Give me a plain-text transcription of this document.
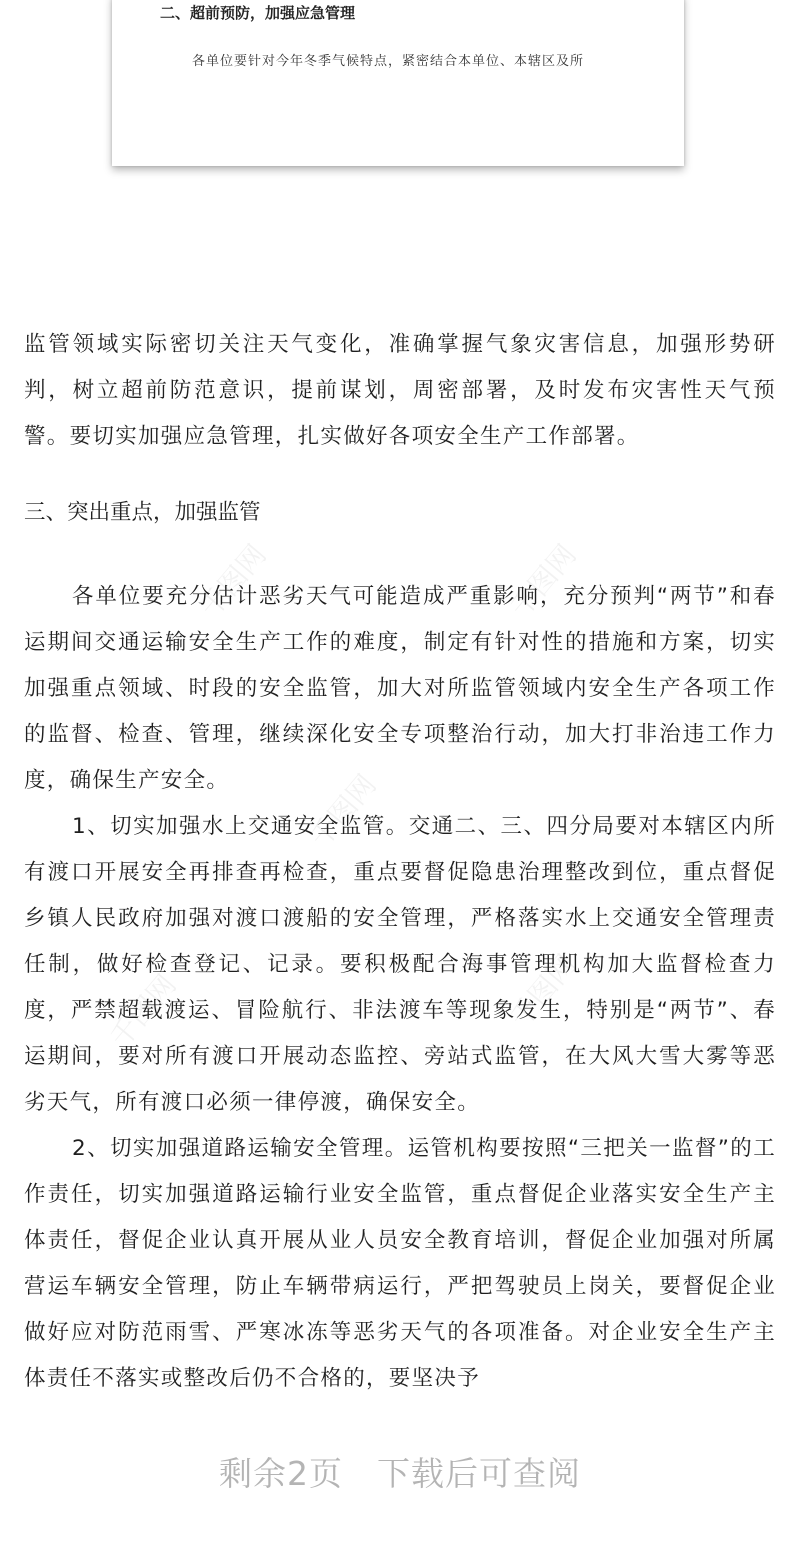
二、超前预防，加强应急管理
各单位要针对今年冬季气候特点，紧密结合本单位、本辖区及所
监管领域实际密切关注天气变化，准确掌握气象灾害信息，加强形势研判，树立超前防范意识，提前谋划，周密部署，及时发布灾害性天气预警。要切实加强应急管理，扎实做好各项安全生产工作部署。
三、突出重点，加强监管
各单位要充分估计恶劣天气可能造成严重影响，充分预判“两节”和春运期间交通运输安全生产工作的难度，制定有针对性的措施和方案，切实加强重点领域、时段的安全监管，加大对所监管领域内安全生产各项工作的监督、检查、管理，继续深化安全专项整治行动，加大打非治违工作力度，确保生产安全。
1、切实加强水上交通安全监管。交通二、三、四分局要对本辖区内所有渡口开展安全再排查再检查，重点要督促隐患治理整改到位，重点督促乡镇人民政府加强对渡口渡船的安全管理，严格落实水上交通安全管理责任制，做好检查登记、记录。要积极配合海事管理机构加大监督检查力度，严禁超载渡运、冒险航行、非法渡车等现象发生，特别是“两节”、春运期间，要对所有渡口开展动态监控、旁站式监管，在大风大雪大雾等恶劣天气，所有渡口必须一律停渡，确保安全。
2、切实加强道路运输安全管理。运管机构要按照“三把关一监督”的工作责任，切实加强道路运输行业安全监管，重点督促企业落实安全生产主体责任，督促企业认真开展从业人员安全教育培训，督促企业加强对所属营运车辆安全管理，防止车辆带病运行，严把驾驶员上岗关，要督促企业做好应对防范雨雪、严寒冰冻等恶劣天气的各项准备。对企业安全生产主体责任不落实或整改后仍不合格的，要坚决予
千图网	千图网
千图网
千图网
千图网
剩余2页 下载后可查阅
